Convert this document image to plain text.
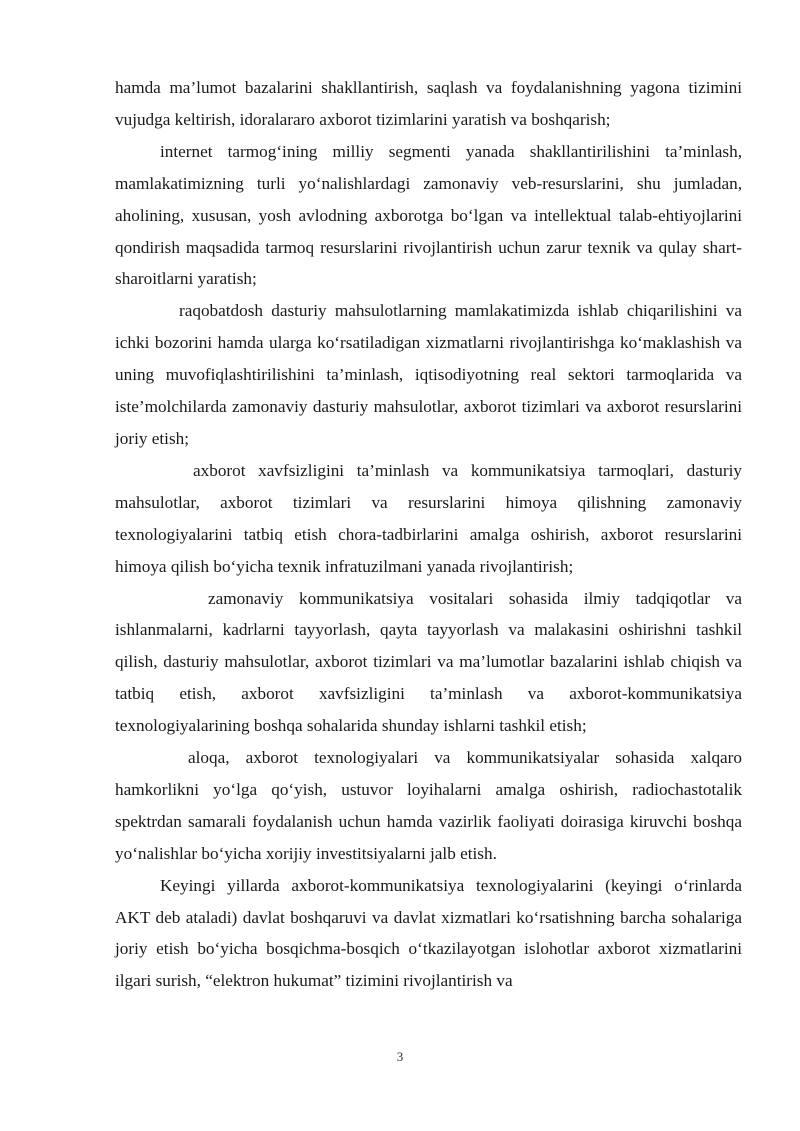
hamda ma’lumot bazalarini shakllantirish, saqlash va foydalanishning yagona tizimini vujudga keltirish, idoralararo axborot tizimlarini yaratish va boshqarish;

internet tarmog‘ining milliy segmenti yanada shakllantirilishini ta’minlash, mamlakatimizning turli yo‘nalishlardagi zamonaviy veb-resurslarini, shu jumladan, aholining, xususan, yosh avlodning axborotga bo‘lgan va intellektual talab-ehtiyojlarini qondirish maqsadida tarmoq resurslarini rivojlantirish uchun zarur texnik va qulay shart-sharoitlarni yaratish;

raqobatdosh dasturiy mahsulotlarning mamlakatimizda ishlab chiqarilishini va ichki bozorini hamda ularga ko‘rsatiladigan xizmatlarni rivojlantirishga ko‘maklashish va uning muvofiqlashtirilishini ta’minlash, iqtisodiyotning real sektori tarmoqlarida va iste’molchilarda zamonaviy dasturiy mahsulotlar, axborot tizimlari va axborot resurslarini joriy etish;

axborot xavfsizligini ta’minlash va kommunikatsiya tarmoqlari, dasturiy mahsulotlar, axborot tizimlari va resurslarini himoya qilishning zamonaviy texnologiyalarini tatbiq etish chora-tadbirlarini amalga oshirish, axborot resurslarini himoya qilish bo‘yicha texnik infratuzilmani yanada rivojlantirish;

zamonaviy kommunikatsiya vositalari sohasida ilmiy tadqiqotlar va ishlanmalarni, kadrlarni tayyorlash, qayta tayyorlash va malakasini oshirishni tashkil qilish, dasturiy mahsulotlar, axborot tizimlari va ma’lumotlar bazalarini ishlab chiqish va tatbiq etish, axborot xavfsizligini ta’minlash va axborot-kommunikatsiya texnologiyalarining boshqa sohalarida shunday ishlarni tashkil etish;

aloqa, axborot texnologiyalari va kommunikatsiyalar sohasida xalqaro hamkorlikni yo‘lga qo‘yish, ustuvor loyihalarni amalga oshirish, radiochastotalik spektrdan samarali foydalanish uchun hamda vazirlik faoliyati doirasiga kiruvchi boshqa yo‘nalishlar bo‘yicha xorijiy investitsiyalarni jalb etish.

Keyingi yillarda axborot-kommunikatsiya texnologiyalarini (keyingi o‘rinlarda AKT deb ataladi) davlat boshqaruvi va davlat xizmatlari ko‘rsatishning barcha sohalariga joriy etish bo‘yicha bosqichma-bosqich o‘tkazilayotgan islohotlar axborot xizmatlarini ilgari surish, “elektron hukumat” tizimini rivojlantirish va

3
